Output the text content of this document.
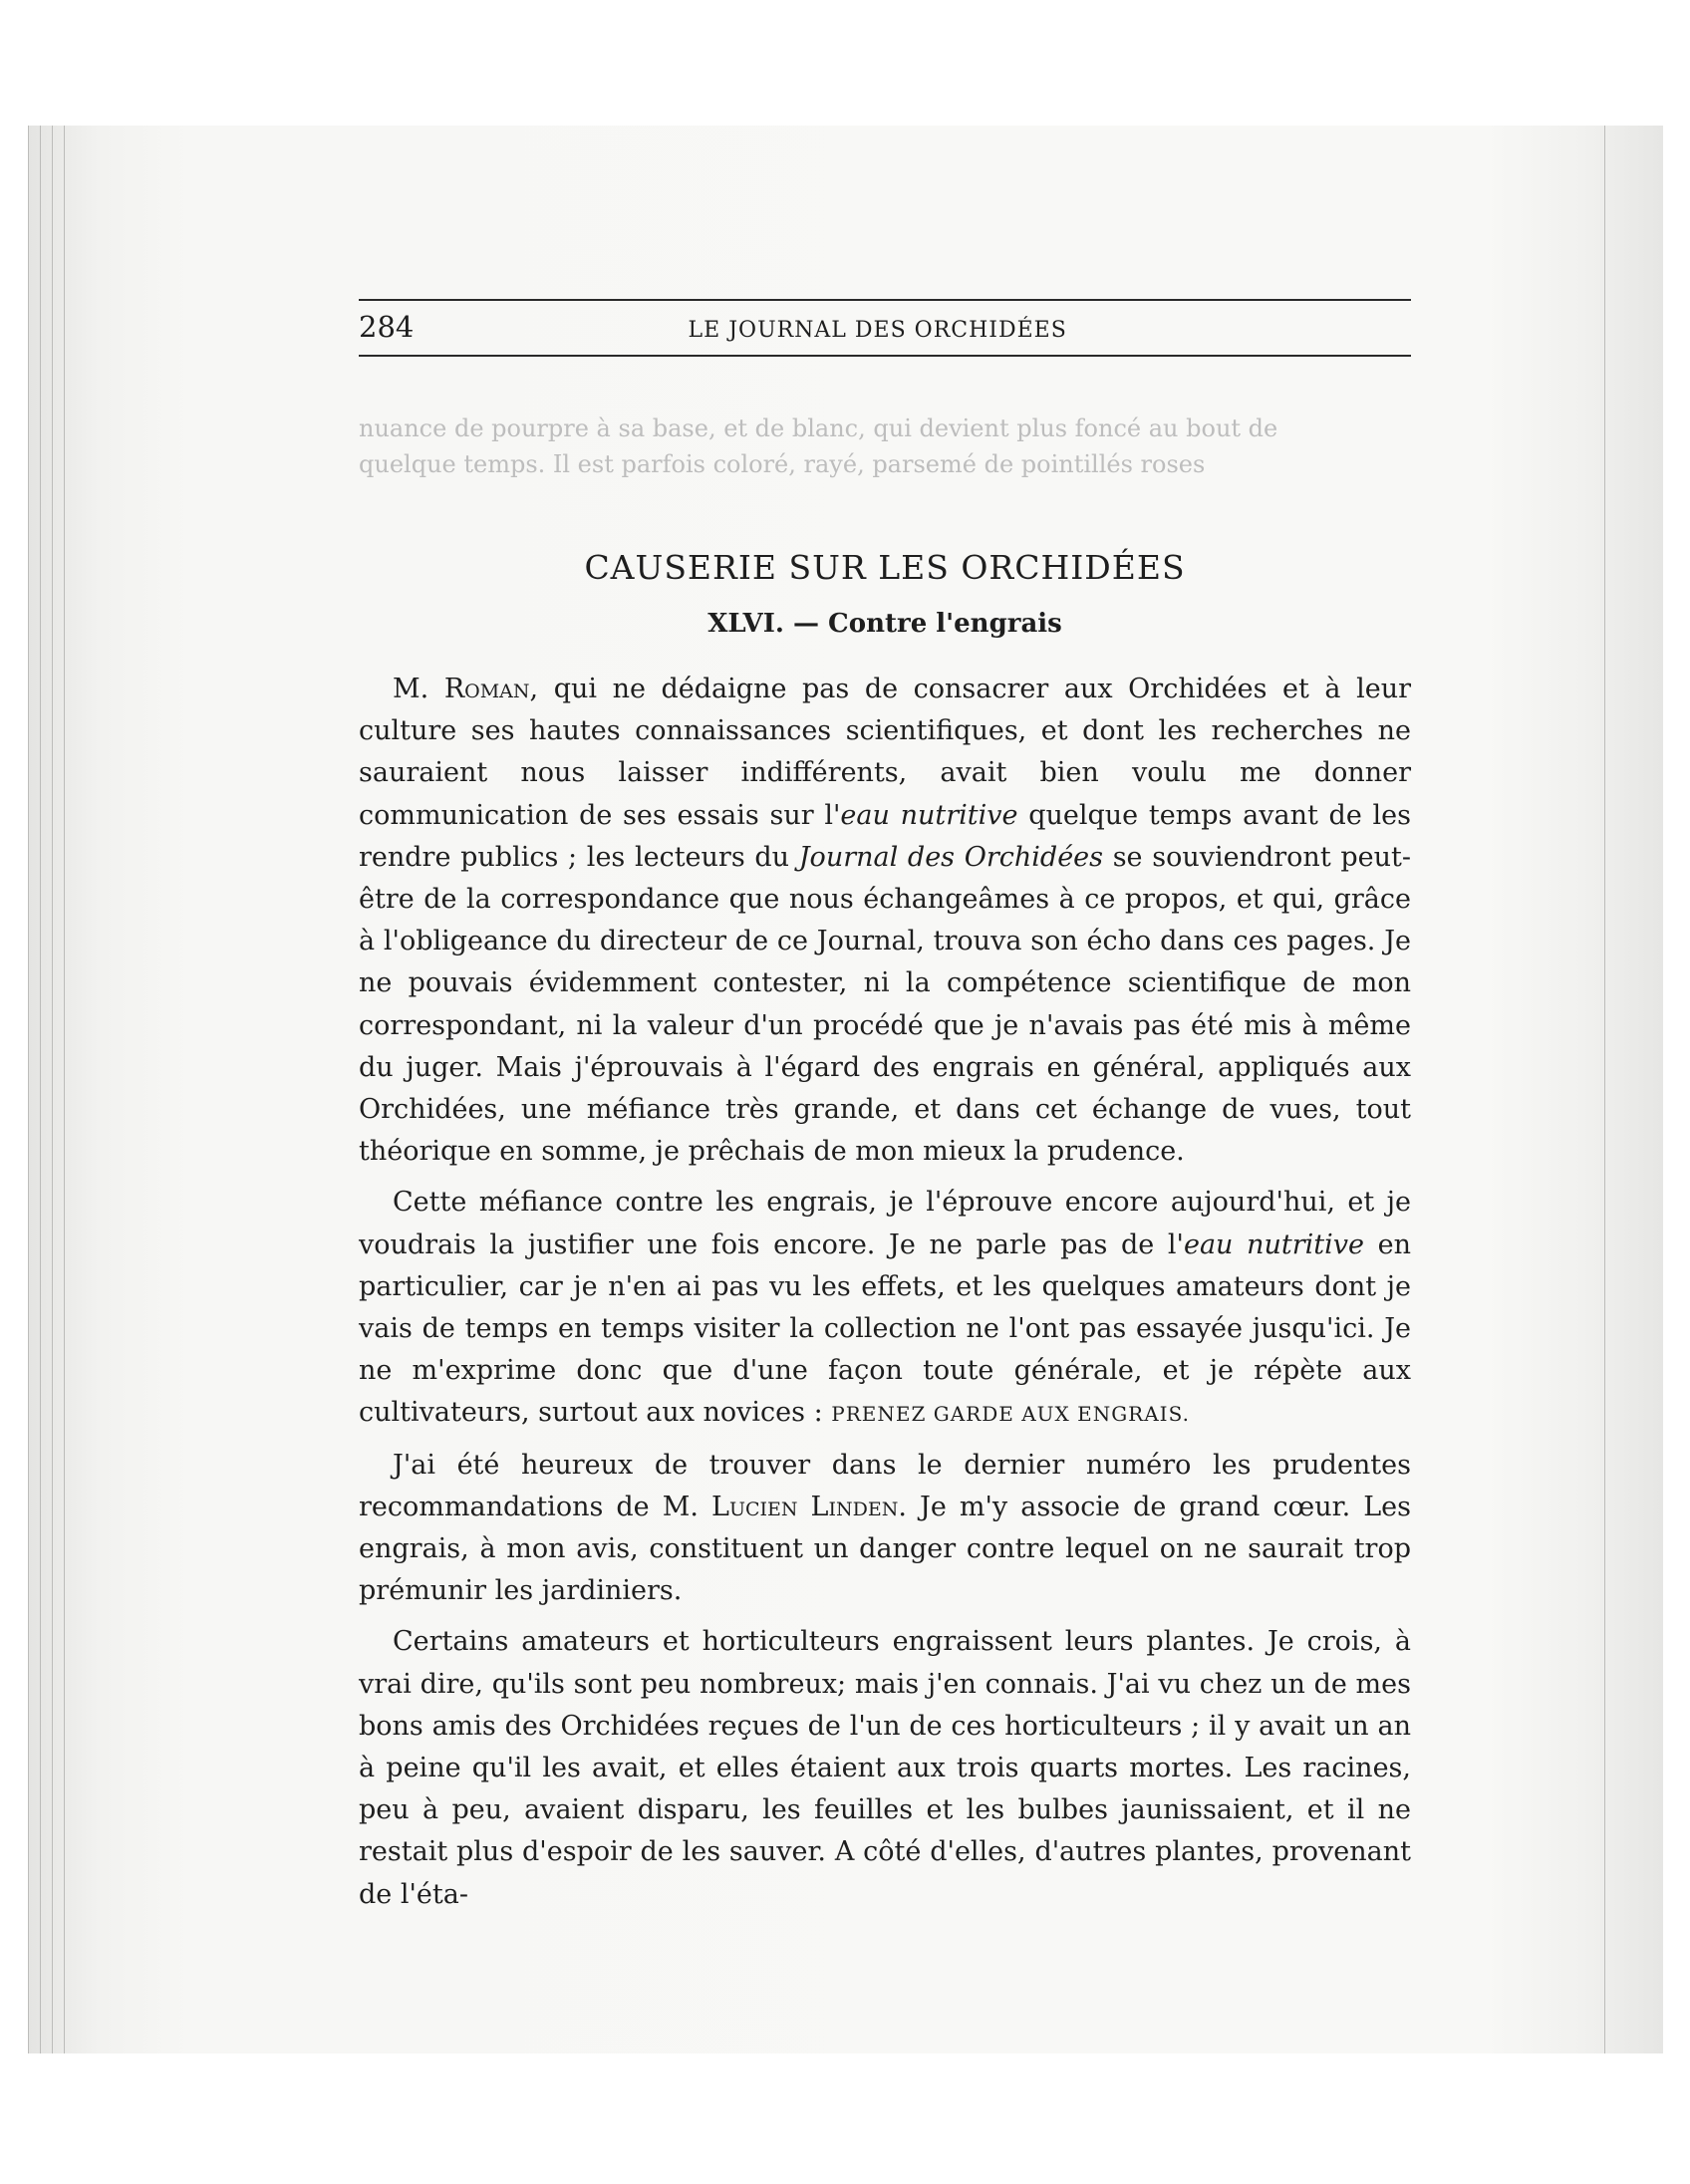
284	LE JOURNAL DES ORCHIDÉES
nuance de pourpre à sa base, et de blanc, qui devient plus foncé au bout de
quelque temps. Il est parfois coloré, rayé, parsemé de pointillés roses
CAUSERIE SUR LES ORCHIDÉES
XLVI. — Contre l'engrais

M. Roman, qui ne dédaigne pas de consacrer aux Orchidées et à leur culture ses hautes connaissances scientifiques, et dont les recherches ne sauraient nous laisser indifférents, avait bien voulu me donner communication de ses essais sur l'eau nutritive quelque temps avant de les rendre publics ; les lecteurs du Journal des Orchidées se souviendront peut-être de la correspondance que nous échangeâmes à ce propos, et qui, grâce à l'obligeance du directeur de ce Journal, trouva son écho dans ces pages. Je ne pouvais évidemment contester, ni la compétence scientifique de mon correspondant, ni la valeur d'un procédé que je n'avais pas été mis à même du juger. Mais j'éprouvais à l'égard des engrais en général, appliqués aux Orchidées, une méfiance très grande, et dans cet échange de vues, tout théorique en somme, je prêchais de mon mieux la prudence.

Cette méfiance contre les engrais, je l'éprouve encore aujourd'hui, et je voudrais la justifier une fois encore. Je ne parle pas de l'eau nutritive en particulier, car je n'en ai pas vu les effets, et les quelques amateurs dont je vais de temps en temps visiter la collection ne l'ont pas essayée jusqu'ici. Je ne m'exprime donc que d'une façon toute générale, et je répète aux cultivateurs, surtout aux novices : PRENEZ GARDE AUX ENGRAIS.

J'ai été heureux de trouver dans le dernier numéro les prudentes recommandations de M. Lucien Linden. Je m'y associe de grand cœur. Les engrais, à mon avis, constituent un danger contre lequel on ne saurait trop prémunir les jardiniers.

Certains amateurs et horticulteurs engraissent leurs plantes. Je crois, à vrai dire, qu'ils sont peu nombreux; mais j'en connais. J'ai vu chez un de mes bons amis des Orchidées reçues de l'un de ces horticulteurs ; il y avait un an à peine qu'il les avait, et elles étaient aux trois quarts mortes. Les racines, peu à peu, avaient disparu, les feuilles et les bulbes jaunissaient, et il ne restait plus d'espoir de les sauver. A côté d'elles, d'autres plantes, provenant de l'éta-
